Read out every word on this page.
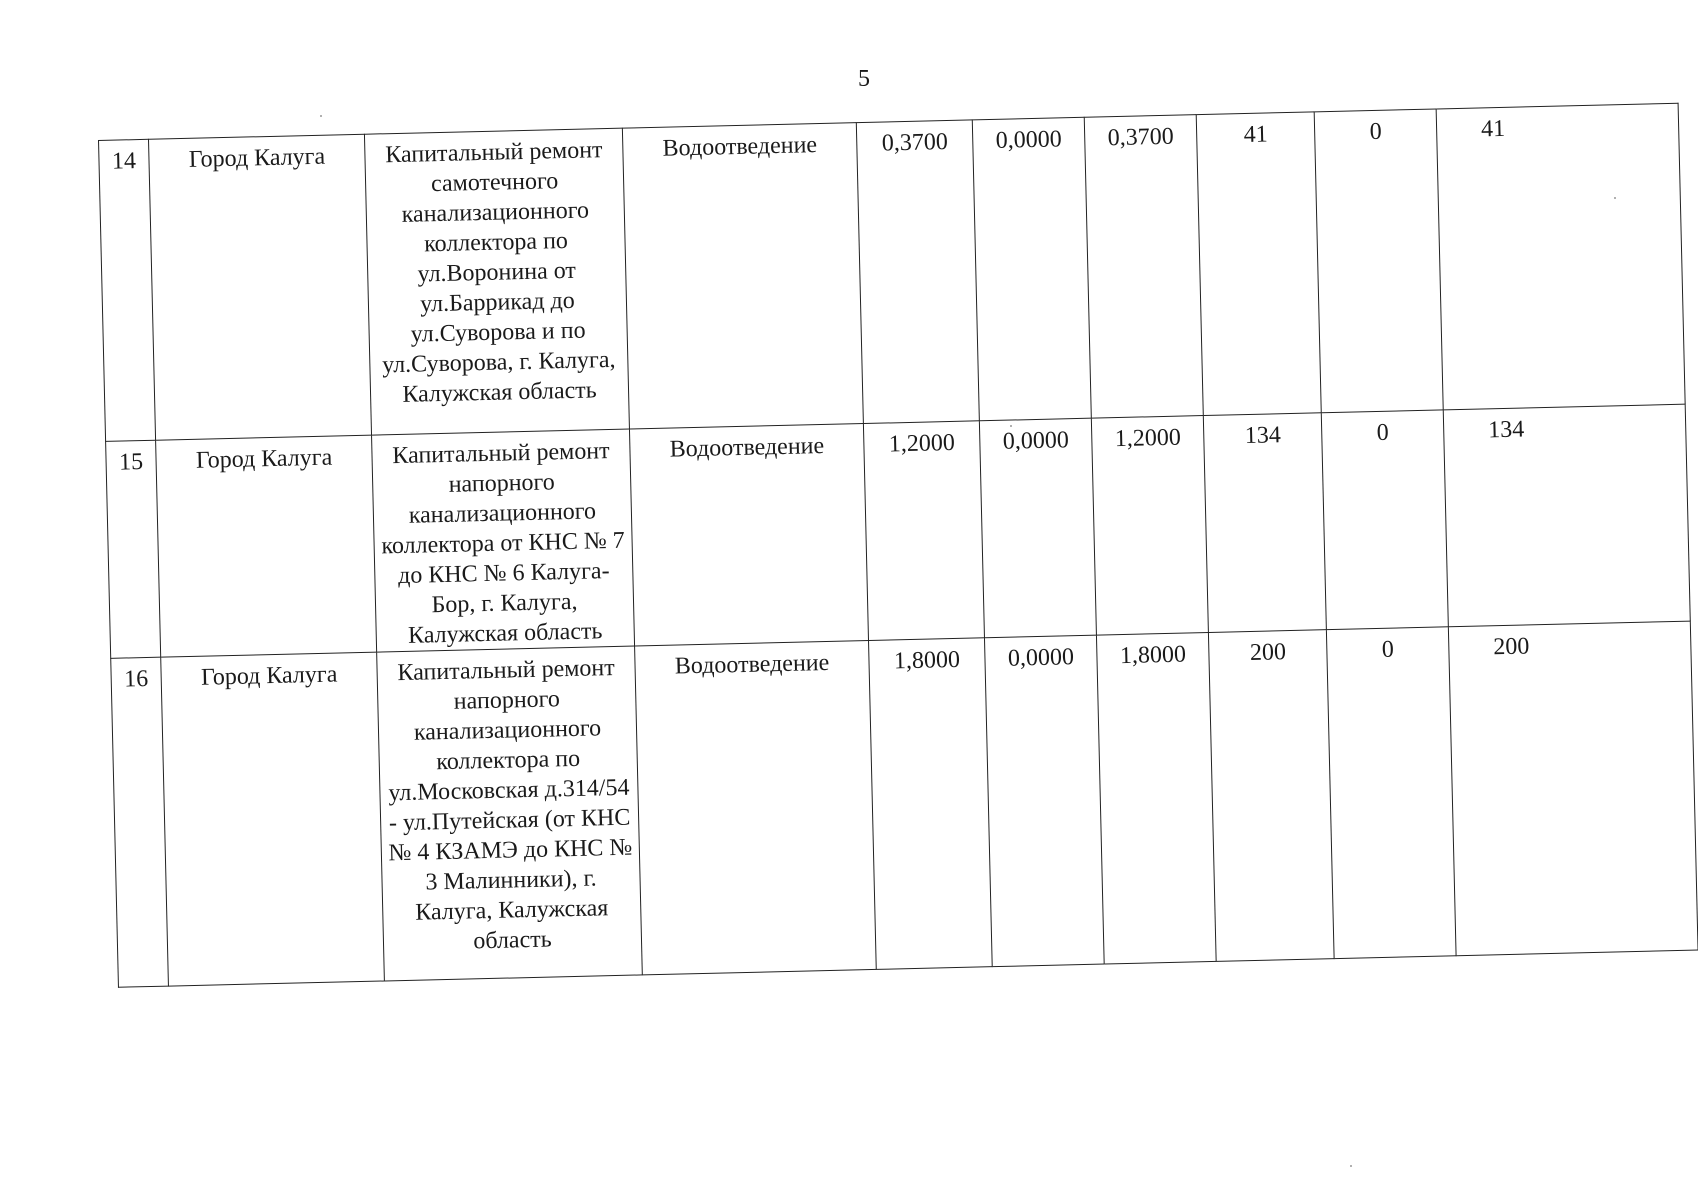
5
14	Город Калуга	Капитальный ремонт самотечного канализационного коллектора по ул.Воронина от ул.Баррикад до ул.Суворова и по ул.Суворова, г. Калуга, Калужская область	Водоотведение	0,3700	0,0000	0,3700	41	0	41
15	Город Калуга	Капитальный ремонт напорного канализационного коллектора от КНС № 7 до КНС № 6 Калуга-Бор, г. Калуга, Калужская область	Водоотведение	1,2000	0,0000	1,2000	134	0	134
16	Город Калуга	Капитальный ремонт напорного канализационного коллектора по ул.Московская д.314/54 - ул.Путейская (от КНС № 4 КЗАМЭ до КНС № 3 Малинники), г. Калуга, Калужская область	Водоотведение	1,8000	0,0000	1,8000	200	0	200
